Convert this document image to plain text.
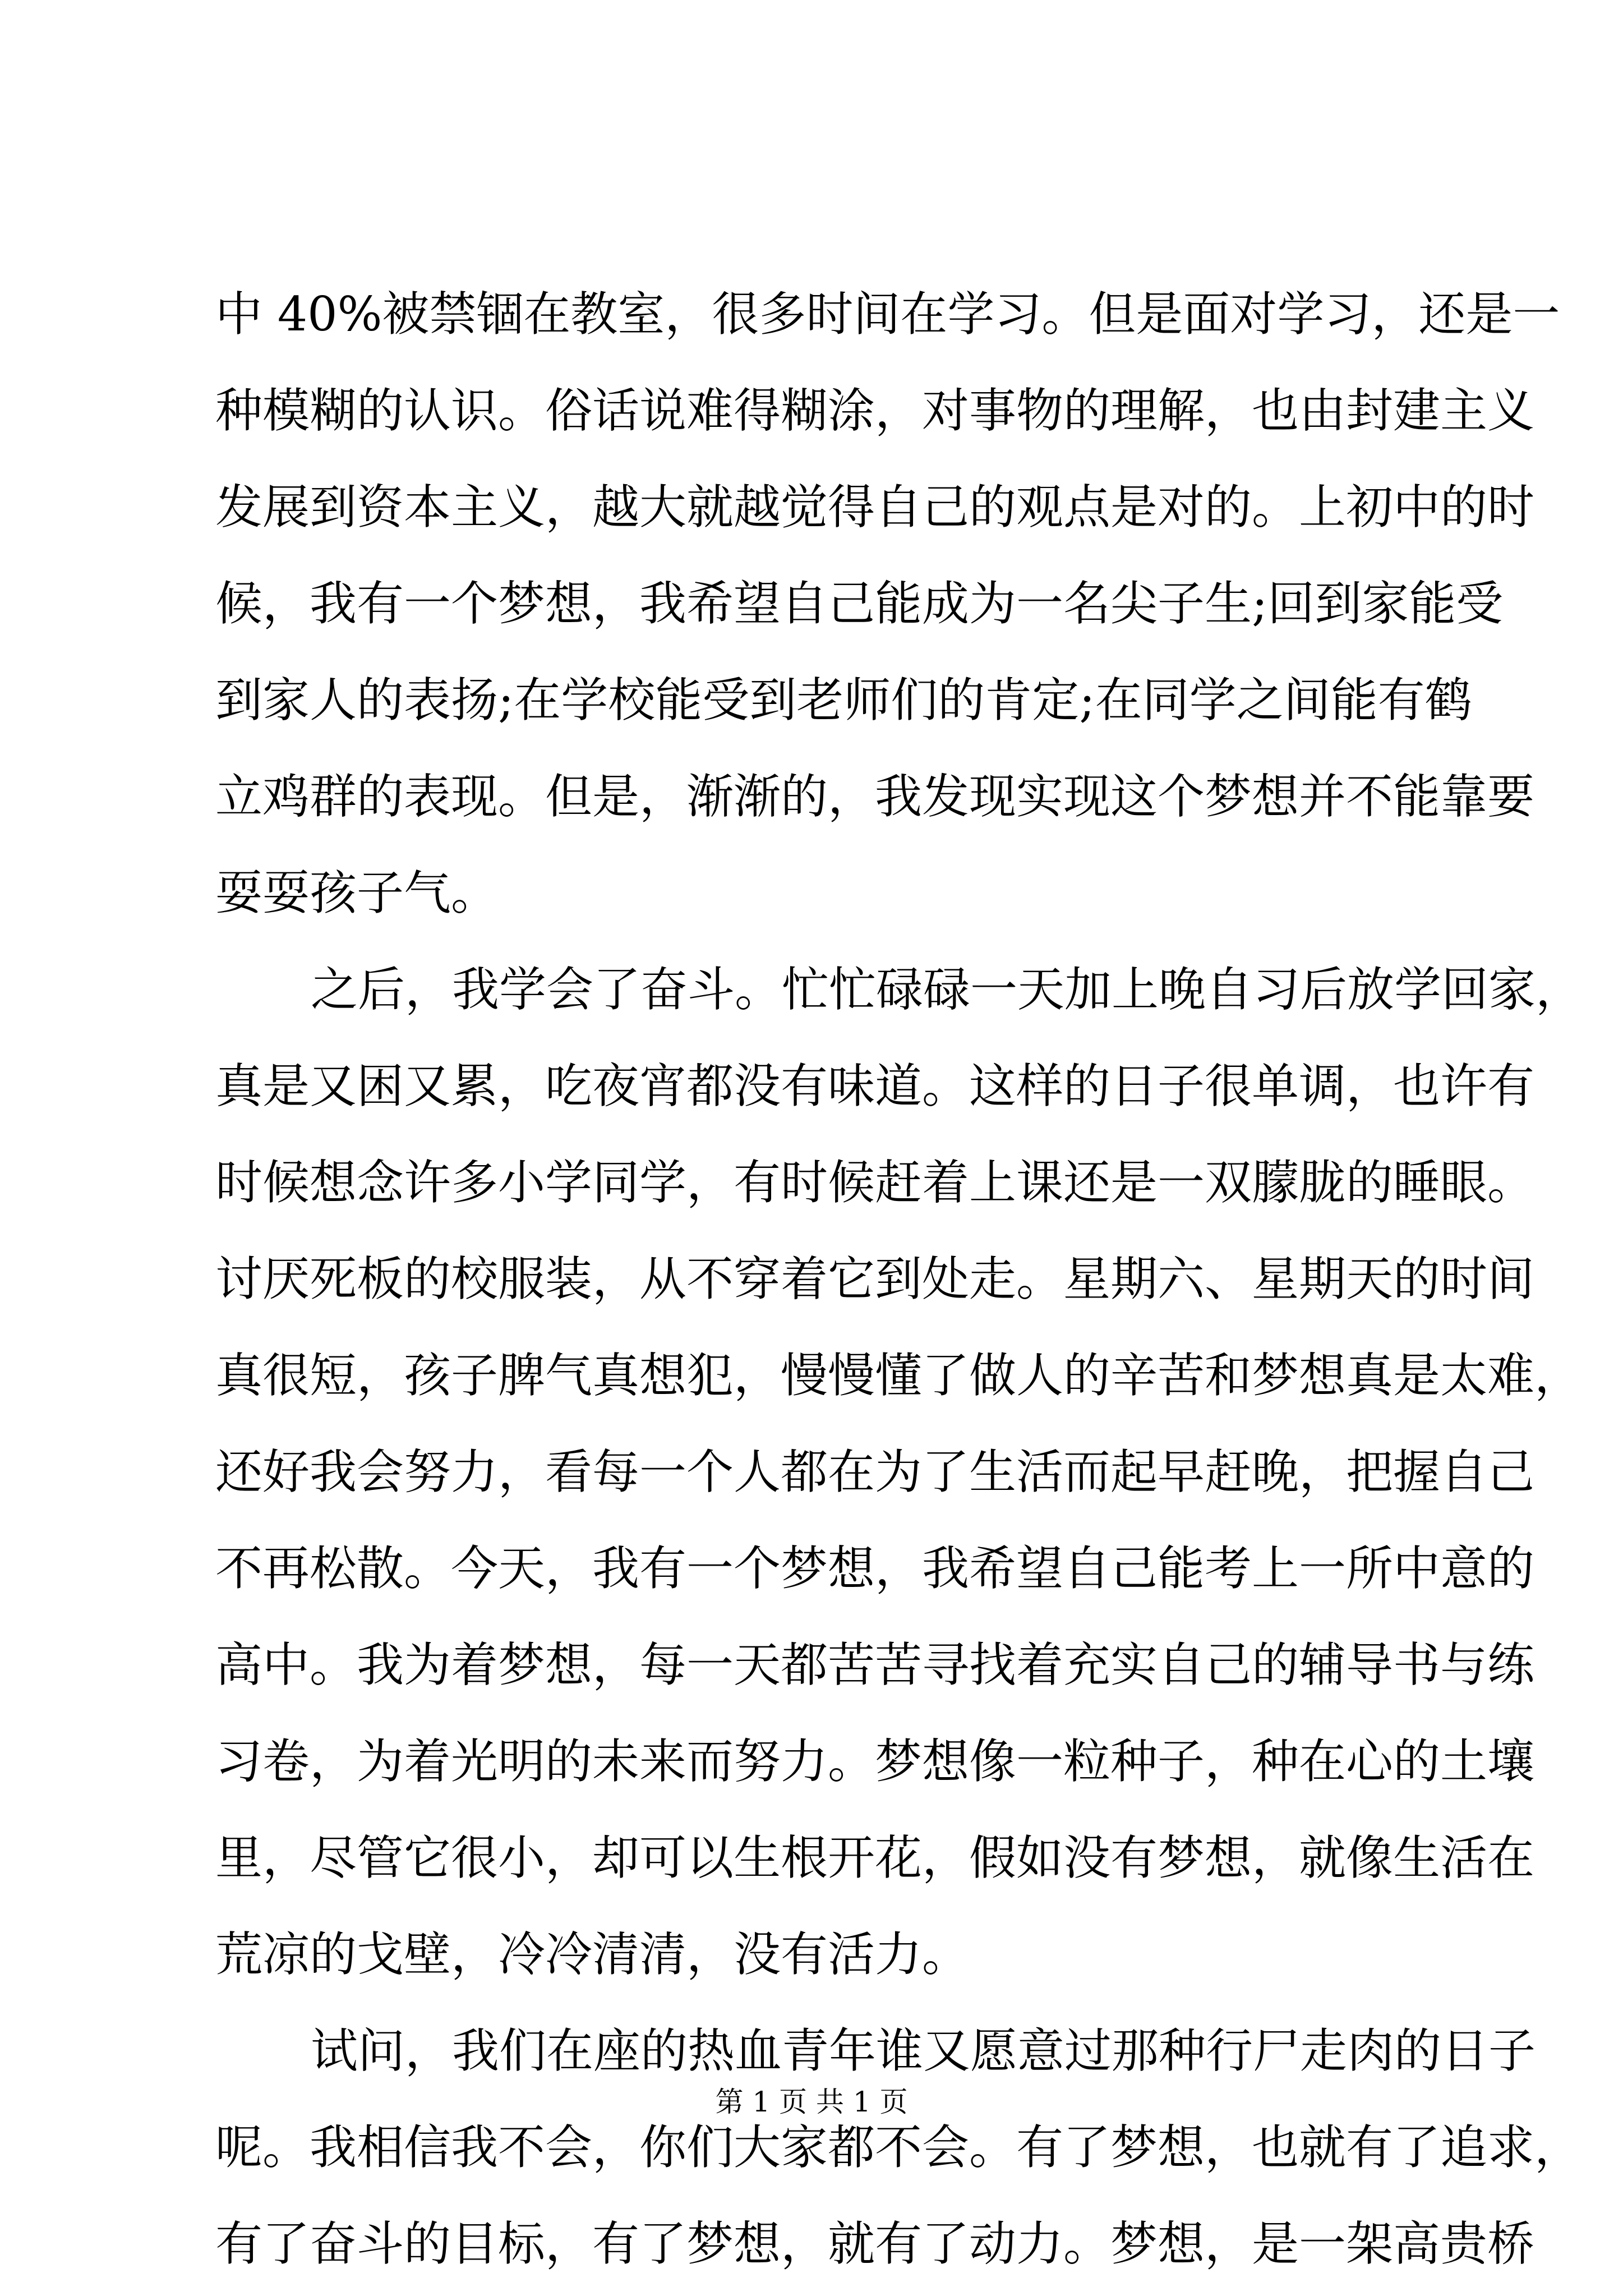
中 40%被禁锢在教室，很多时间在学习。但是面对学习，还是一
种模糊的认识。俗话说难得糊涂，对事物的理解，也由封建主义
发展到资本主义，越大就越觉得自己的观点是对的。上初中的时
候，我有一个梦想，我希望自己能成为一名尖子生;回到家能受
到家人的表扬;在学校能受到老师们的肯定;在同学之间能有鹤
立鸡群的表现。但是，渐渐的，我发现实现这个梦想并不能靠要
耍耍孩子气。
之后，我学会了奋斗。忙忙碌碌一天加上晚自习后放学回家，
真是又困又累，吃夜宵都没有味道。这样的日子很单调，也许有
时候想念许多小学同学，有时候赶着上课还是一双朦胧的睡眼。
讨厌死板的校服装，从不穿着它到处走。星期六、星期天的时间
真很短，孩子脾气真想犯，慢慢懂了做人的辛苦和梦想真是太难，
还好我会努力，看每一个人都在为了生活而起早赶晚，把握自己
不再松散。今天，我有一个梦想，我希望自己能考上一所中意的
高中。我为着梦想，每一天都苦苦寻找着充实自己的辅导书与练
习卷，为着光明的未来而努力。梦想像一粒种子，种在心的土壤
里，尽管它很小，却可以生根开花，假如没有梦想，就像生活在
荒凉的戈壁，冷冷清清，没有活力。
试问，我们在座的热血青年谁又愿意过那种行尸走肉的日子
呢。我相信我不会，你们大家都不会。有了梦想，也就有了追求，
有了奋斗的目标，有了梦想，就有了动力。梦想，是一架高贵桥
第 1 页 共 1 页
